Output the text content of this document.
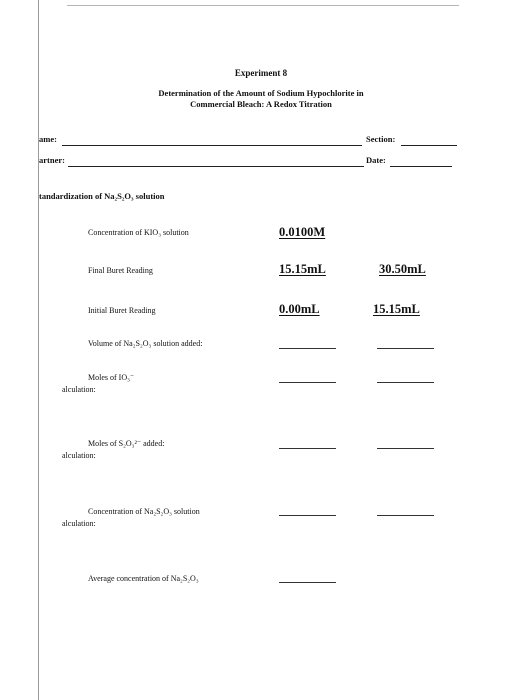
Experiment 8
Determination of the Amount of Sodium Hypochlorite in
Commercial Bleach: A Redox Titration
ame:	Section:
artner:	Date:
tandardization of Na₂S₂O₃ solution
Concentration of KIO₃ solution	0.0100M
Final Buret Reading	15.15mL	30.50mL
Initial Buret Reading	0.00mL	15.15mL
Volume of Na₂S₂O₃ solution added:
Moles of IO₃⁻
alculation:
Moles of S₂O₃²⁻ added:
alculation:
Concentration of Na₂S₂O₃ solution
alculation:
Average concentration of Na₂S₂O₃
